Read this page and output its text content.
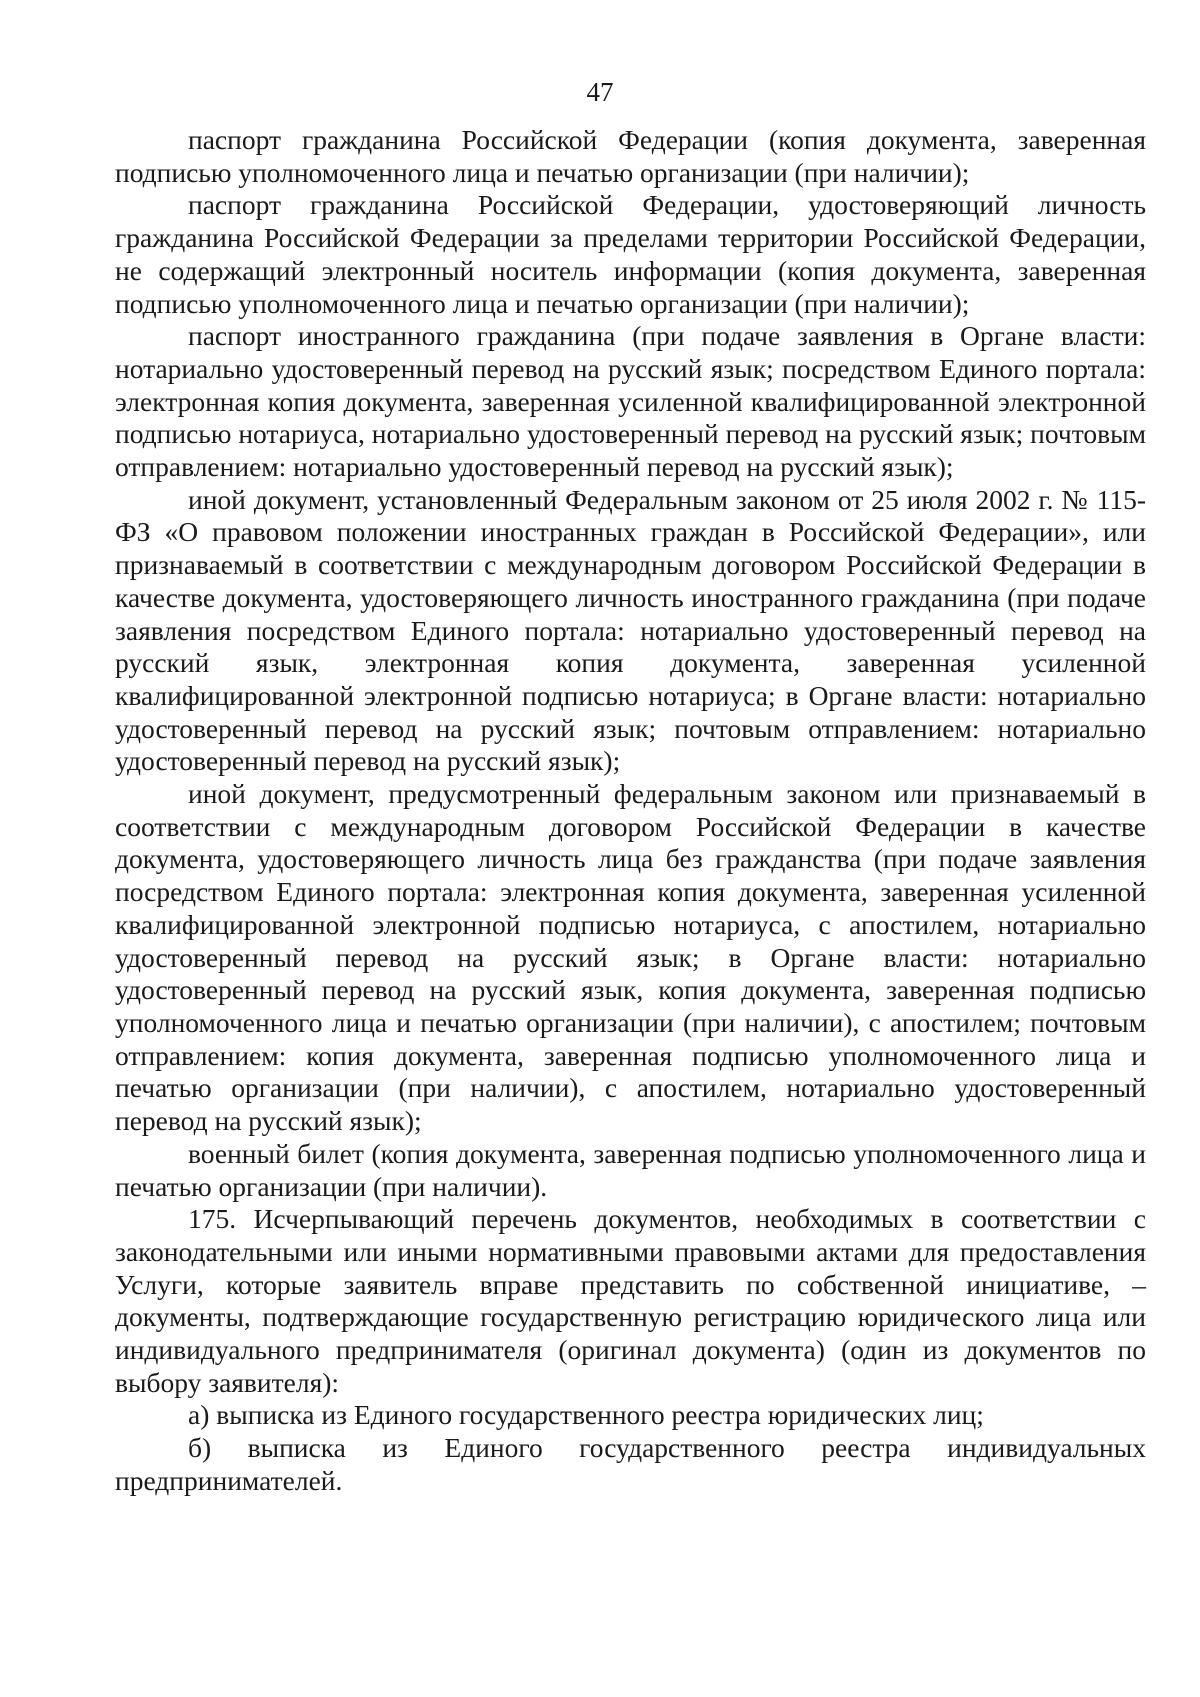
47

паспорт гражданина Российской Федерации (копия документа, заверенная подписью уполномоченного лица и печатью организации (при наличии);

паспорт гражданина Российской Федерации, удостоверяющий личность гражданина Российской Федерации за пределами территории Российской Федерации, не содержащий электронный носитель информации (копия документа, заверенная подписью уполномоченного лица и печатью организации (при наличии);

паспорт иностранного гражданина (при подаче заявления в Органе власти: нотариально удостоверенный перевод на русский язык; посредством Единого портала: электронная копия документа, заверенная усиленной квалифицированной электронной подписью нотариуса, нотариально удостоверенный перевод на русский язык; почтовым отправлением: нотариально удостоверенный перевод на русский язык);

иной документ, установленный Федеральным законом от 25 июля 2002 г. № 115-ФЗ «О правовом положении иностранных граждан в Российской Федерации», или признаваемый в соответствии с международным договором Российской Федерации в качестве документа, удостоверяющего личность иностранного гражданина (при подаче заявления посредством Единого портала: нотариально удостоверенный перевод на русский язык, электронная копия документа, заверенная усиленной квалифицированной электронной подписью нотариуса; в Органе власти: нотариально удостоверенный перевод на русский язык; почтовым отправлением: нотариально удостоверенный перевод на русский язык);

иной документ, предусмотренный федеральным законом или признаваемый в соответствии с международным договором Российской Федерации в качестве документа, удостоверяющего личность лица без гражданства (при подаче заявления посредством Единого портала: электронная копия документа, заверенная усиленной квалифицированной электронной подписью нотариуса, с апостилем, нотариально удостоверенный перевод на русский язык; в Органе власти: нотариально удостоверенный перевод на русский язык, копия документа, заверенная подписью уполномоченного лица и печатью организации (при наличии), с апостилем; почтовым отправлением: копия документа, заверенная подписью уполномоченного лица и печатью организации (при наличии), с апостилем, нотариально удостоверенный перевод на русский язык);

военный билет (копия документа, заверенная подписью уполномоченного лица и печатью организации (при наличии).

175. Исчерпывающий перечень документов, необходимых в соответствии с законодательными или иными нормативными правовыми актами для предоставления Услуги, которые заявитель вправе представить по собственной инициативе, – документы, подтверждающие государственную регистрацию юридического лица или индивидуального предпринимателя (оригинал документа) (один из документов по выбору заявителя):

а) выписка из Единого государственного реестра юридических лиц;

б) выписка из Единого государственного реестра индивидуальных предпринимателей.
